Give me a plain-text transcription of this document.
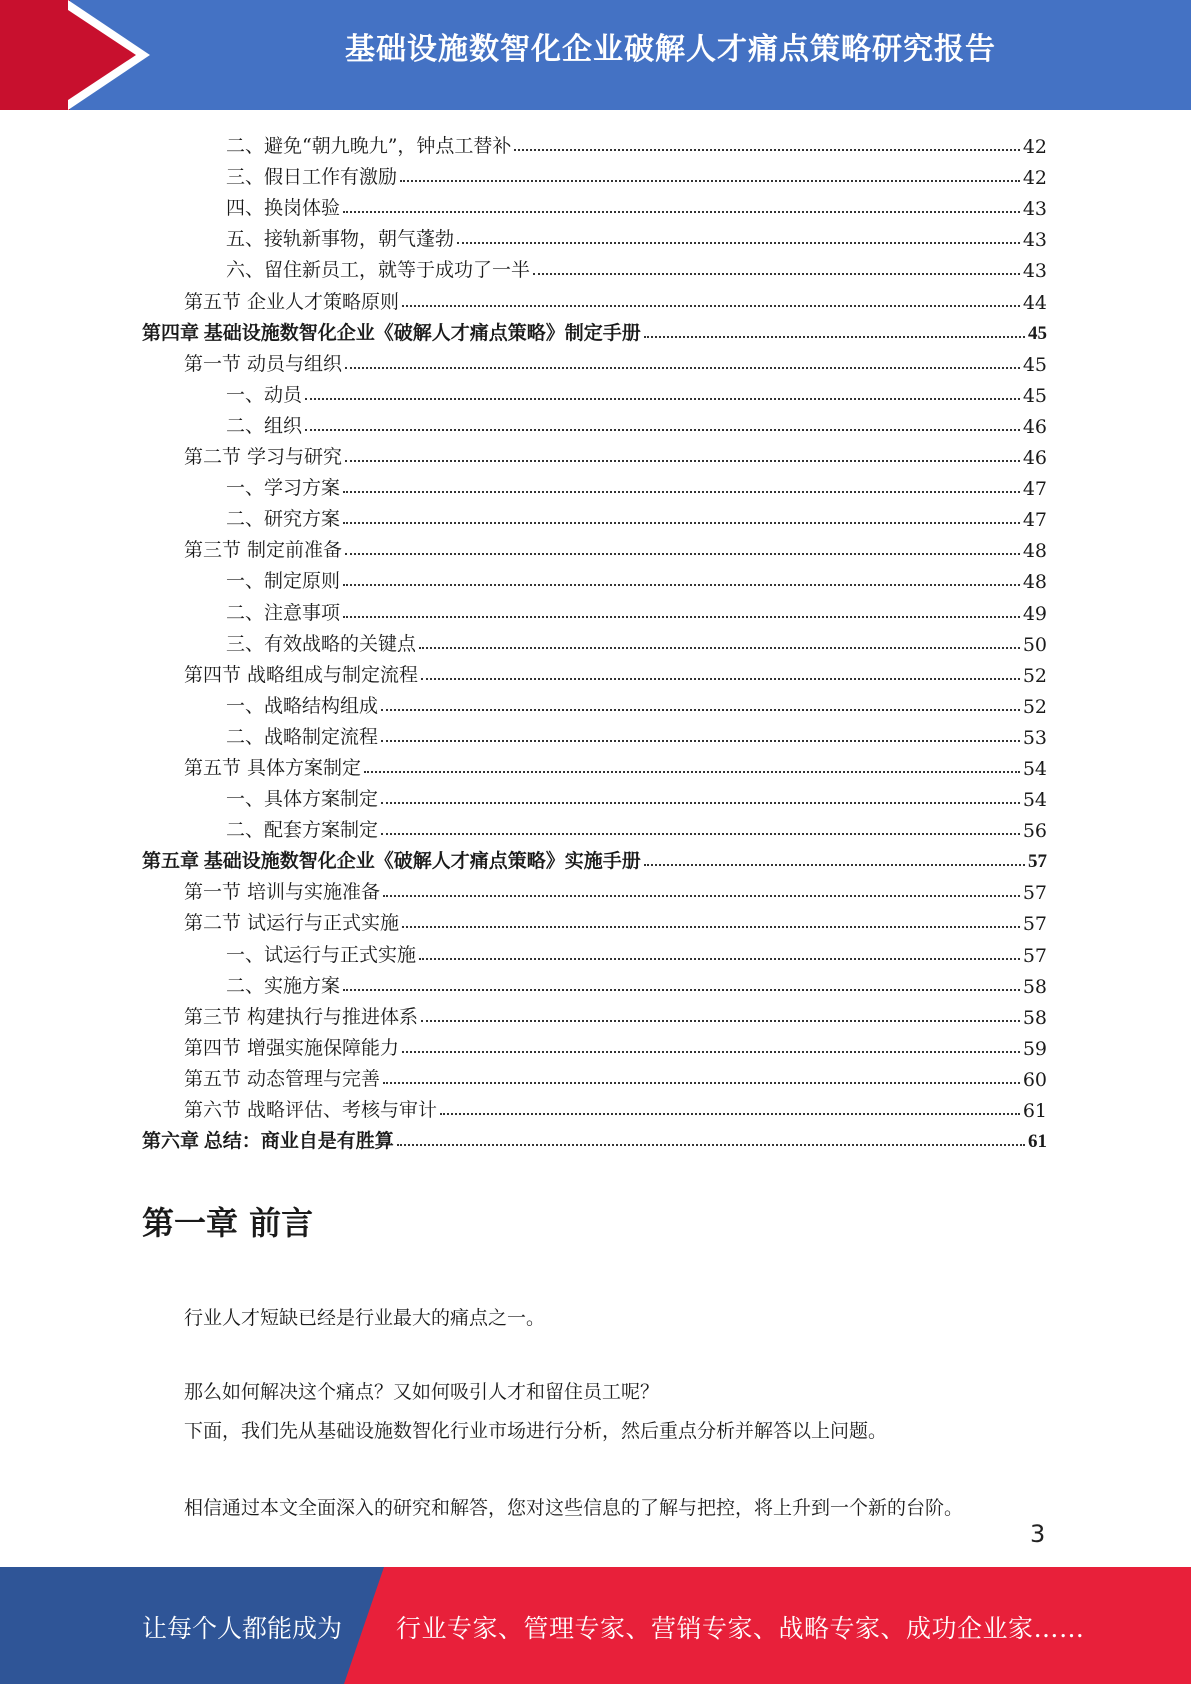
基础设施数智化企业破解人才痛点策略研究报告
二、避免“朝九晚九”，钟点工替补	42
三、假日工作有激励	42
四、换岗体验	43
五、接轨新事物，朝气蓬勃	43
六、留住新员工，就等于成功了一半	43
第五节 企业人才策略原则	44
第四章 基础设施数智化企业《破解人才痛点策略》制定手册	45
第一节 动员与组织	45
一、动员	45
二、组织	46
第二节 学习与研究	46
一、学习方案	47
二、研究方案	47
第三节 制定前准备	48
一、制定原则	48
二、注意事项	49
三、有效战略的关键点	50
第四节 战略组成与制定流程	52
一、战略结构组成	52
二、战略制定流程	53
第五节 具体方案制定	54
一、具体方案制定	54
二、配套方案制定	56
第五章 基础设施数智化企业《破解人才痛点策略》实施手册	57
第一节 培训与实施准备	57
第二节 试运行与正式实施	57
一、试运行与正式实施	57
二、实施方案	58
第三节 构建执行与推进体系	58
第四节 增强实施保障能力	59
第五节 动态管理与完善	60
第六节 战略评估、考核与审计	61
第六章 总结：商业自是有胜算	61
第一章 前言
行业人才短缺已经是行业最大的痛点之一。
那么如何解决这个痛点？又如何吸引人才和留住员工呢？
下面，我们先从基础设施数智化行业市场进行分析，然后重点分析并解答以上问题。
相信通过本文全面深入的研究和解答，您对这些信息的了解与把控，将上升到一个新的台阶。
3
让每个人都能成为 行业专家、管理专家、营销专家、战略专家、成功企业家……
